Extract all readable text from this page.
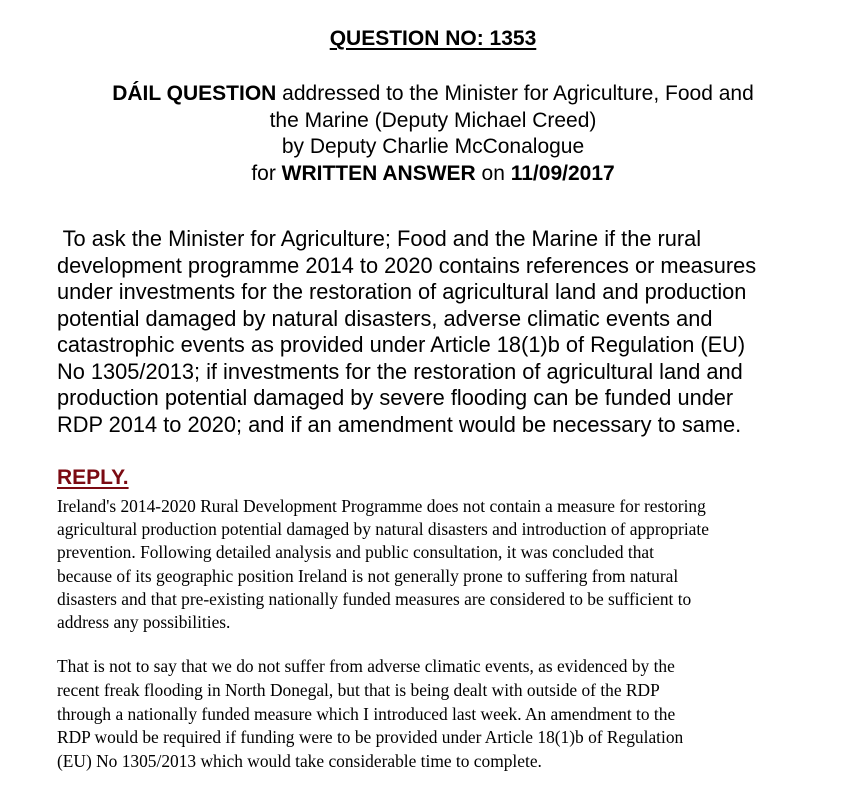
QUESTION NO: 1353
DÁIL QUESTION addressed to the Minister for Agriculture, Food and
the Marine (Deputy Michael Creed)
by Deputy Charlie McConalogue
for WRITTEN ANSWER on 11/09/2017
To ask the Minister for Agriculture; Food and the Marine if the rural
development programme 2014 to 2020 contains references or measures
under investments for the restoration of agricultural land and production
potential damaged by natural disasters, adverse climatic events and
catastrophic events as provided under Article 18(1)b of Regulation (EU)
No 1305/2013; if investments for the restoration of agricultural land and
production potential damaged by severe flooding can be funded under
RDP 2014 to 2020; and if an amendment would be necessary to same.
REPLY.
Ireland's 2014-2020 Rural Development Programme does not contain a measure for restoring
agricultural production potential damaged by natural disasters and introduction of appropriate
prevention. Following detailed analysis and public consultation, it was concluded that
because of its geographic position Ireland is not generally prone to suffering from natural
disasters and that pre-existing nationally funded measures are considered to be sufficient to
address any possibilities.
That is not to say that we do not suffer from adverse climatic events, as evidenced by the
recent freak flooding in North Donegal, but that is being dealt with outside of the RDP
through a nationally funded measure which I introduced last week. An amendment to the
RDP would be required if funding were to be provided under Article 18(1)b of Regulation
(EU) No 1305/2013 which would take considerable time to complete.
